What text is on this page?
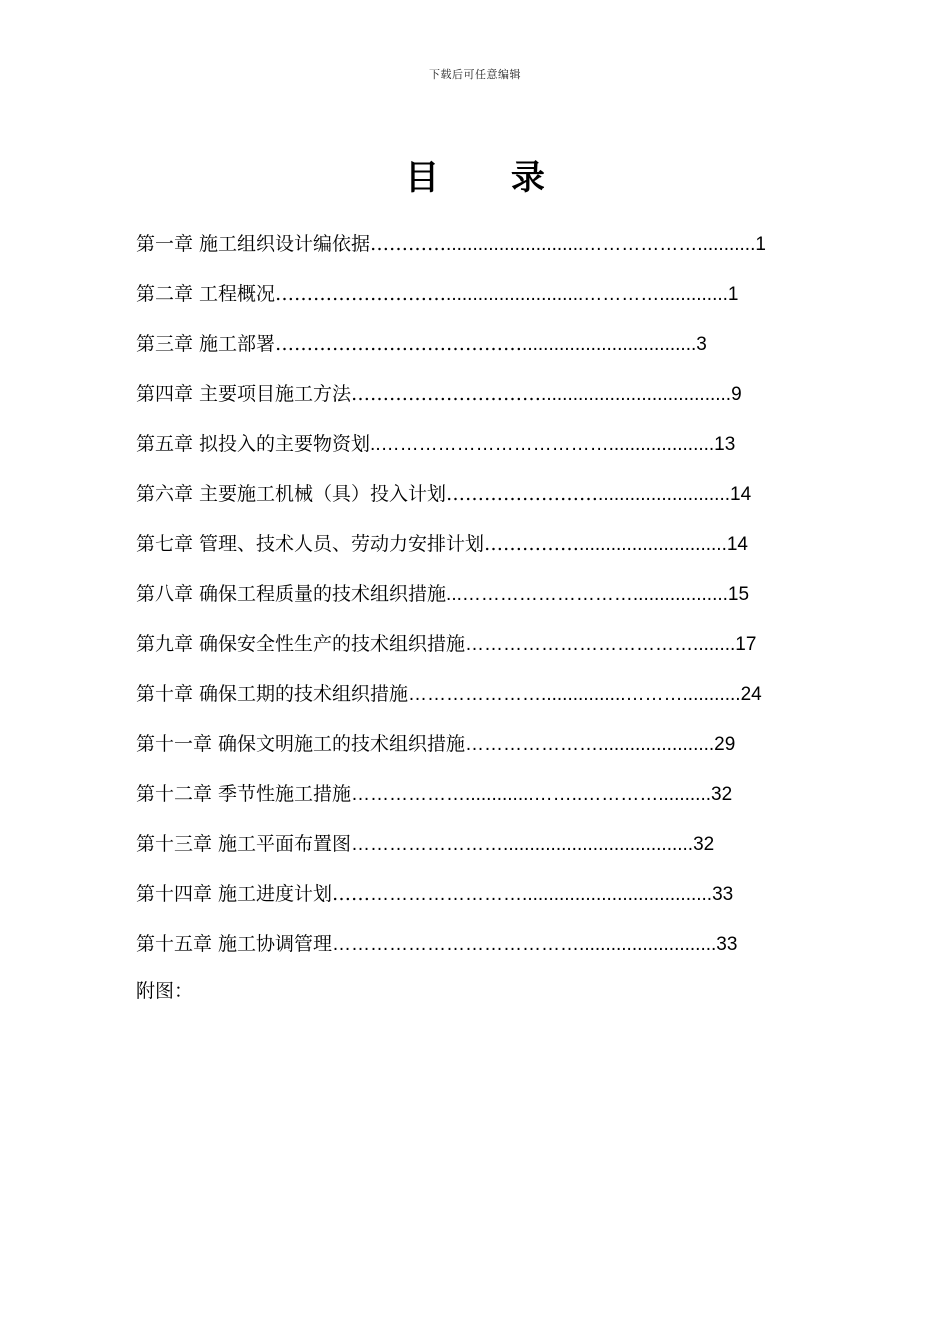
下载后可任意编辑
目 录
第一章 施工组织设计编依据…………..........................………………...........1
第二章 工程概况………………………..........................………….............1
第三章 施工部署………………………………….................................3
第四章 主要项目施工方法…………………………....................................9
第五章 拟投入的主要物资划..………………………………....................13
第六章 主要施工机械（具）投入计划…………………….........................14
第七章 管理、技术人员、劳动力安排计划……………............................14
第八章 确保工程质量的技术组织措施...………………………..................15
第九章 确保安全性生产的技术组织措施………………………………........17
第十章 确保工期的技术组织措施…………………................………...........24
第十一章 确保文明施工的技术组织措施…………………......................29
第十二章 季节性施工措施……………….............……..…………..........32
第十三章 施工平面布置图……………………....................................32
第十四章 施工进度计划…………………………....................................33
第十五章 施工协调管理…………………………………..........................33
附图：
